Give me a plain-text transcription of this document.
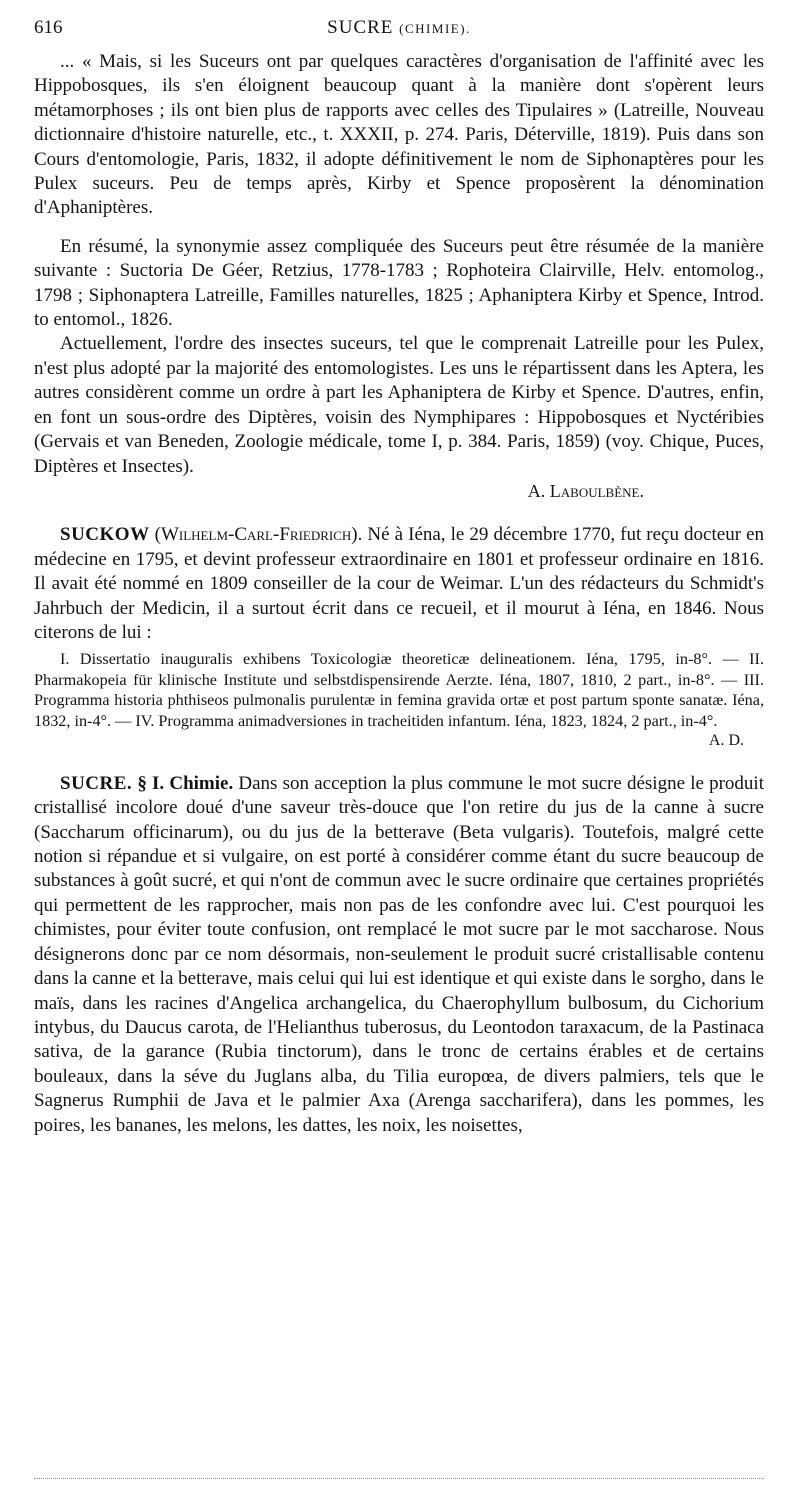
616	SUCRE (CHIMIE).

... « Mais, si les Suceurs ont par quelques caractères d'organisation de l'affinité avec les Hippobosques, ils s'en éloignent beaucoup quant à la manière dont s'opèrent leurs métamorphoses ; ils ont bien plus de rapports avec celles des Tipulaires » (Latreille, Nouveau dictionnaire d'histoire naturelle, etc., t. XXXII, p. 274. Paris, Déterville, 1819). Puis dans son Cours d'entomologie, Paris, 1832, il adopte définitivement le nom de Siphonaptères pour les Pulex suceurs. Peu de temps après, Kirby et Spence proposèrent la dénomination d'Aphaniptères.

En résumé, la synonymie assez compliquée des Suceurs peut être résumée de la manière suivante : Suctoria De Géer, Retzius, 1778-1783 ; Rophoteira Clairville, Helv. entomolog., 1798 ; Siphonaptera Latreille, Familles naturelles, 1825 ; Aphaniptera Kirby et Spence, Introd. to entomol., 1826.

Actuellement, l'ordre des insectes suceurs, tel que le comprenait Latreille pour les Pulex, n'est plus adopté par la majorité des entomologistes. Les uns le répartissent dans les Aptera, les autres considèrent comme un ordre à part les Aphaniptera de Kirby et Spence. D'autres, enfin, en font un sous-ordre des Diptères, voisin des Nymphipares : Hippobosques et Nyctéribies (Gervais et van Beneden, Zoologie médicale, tome I, p. 384. Paris, 1859) (voy. Chique, Puces, Diptères et Insectes).

A. Laboulbène.

SUCKOW (Wilhelm-Carl-Friedrich). Né à Iéna, le 29 décembre 1770, fut reçu docteur en médecine en 1795, et devint professeur extraordinaire en 1801 et professeur ordinaire en 1816. Il avait été nommé en 1809 conseiller de la cour de Weimar. L'un des rédacteurs du Schmidt's Jahrbuch der Medicin, il a surtout écrit dans ce recueil, et il mourut à Iéna, en 1846. Nous citerons de lui :

I. Dissertatio inauguralis exhibens Toxicologiæ theoreticæ delineationem. Iéna, 1795, in-8°. — II. Pharmakopeia für klinische Institute und selbstdispensirende Aerzte. Iéna, 1807, 1810, 2 part., in-8°. — III. Programma historia phthiseos pulmonalis purulentæ in femina gravida ortæ et post partum sponte sanatæ. Iéna, 1832, in-4°. — IV. Programma animadversiones in tracheitiden infantum. Iéna, 1823, 1824, 2 part., in-4°.
A. D.

SUCRE. § I. Chimie. Dans son acception la plus commune le mot sucre désigne le produit cristallisé incolore doué d'une saveur très-douce que l'on retire du jus de la canne à sucre (Saccharum officinarum), ou du jus de la betterave (Beta vulgaris). Toutefois, malgré cette notion si répandue et si vulgaire, on est porté à considérer comme étant du sucre beaucoup de substances à goût sucré, et qui n'ont de commun avec le sucre ordinaire que certaines propriétés qui permettent de les rapprocher, mais non pas de les confondre avec lui. C'est pourquoi les chimistes, pour éviter toute confusion, ont remplacé le mot sucre par le mot saccharose. Nous désignerons donc par ce nom désormais, non-seulement le produit sucré cristallisable contenu dans la canne et la betterave, mais celui qui lui est identique et qui existe dans le sorgho, dans le maïs, dans les racines d'Angelica archangelica, du Chaerophyllum bulbosum, du Cichorium intybus, du Daucus carota, de l'Helianthus tuberosus, du Leontodon taraxacum, de la Pastinaca sativa, de la garance (Rubia tinctorum), dans le tronc de certains érables et de certains bouleaux, dans la séve du Juglans alba, du Tilia europœa, de divers palmiers, tels que le Sagnerus Rumphii de Java et le palmier Axa (Arenga saccharifera), dans les pommes, les poires, les bananes, les melons, les dattes, les noix, les noisettes,
